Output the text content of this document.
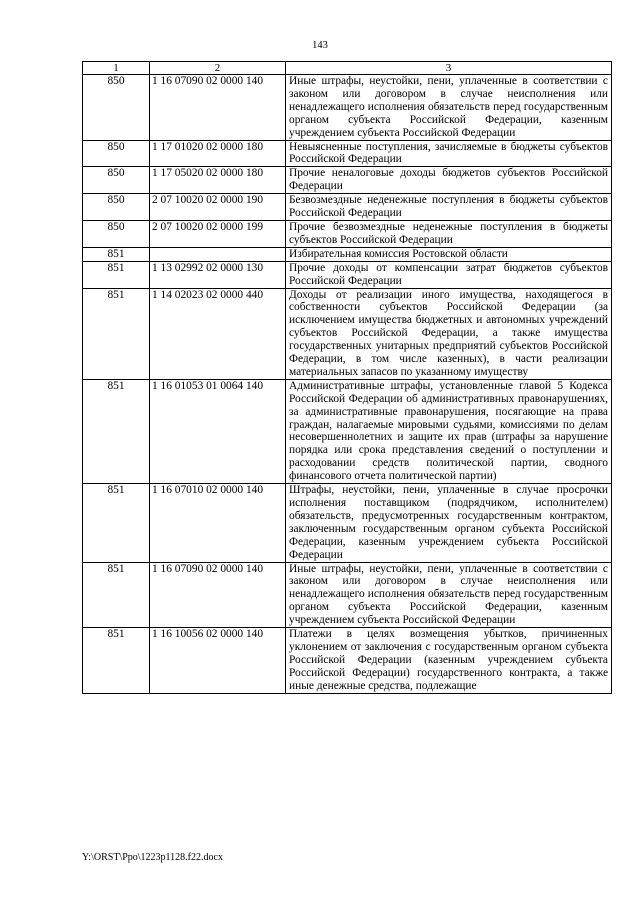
143
1	2	3
850	1 16 07090 02 0000 140	Иные штрафы, неустойки, пени, уплаченные в соответствии с законом или договором в случае неисполнения или ненадлежащего исполнения обязательств перед государственным органом субъекта Российской Федерации, казенным учреждением субъекта Российской Федерации
850	1 17 01020 02 0000 180	Невыясненные поступления, зачисляемые в бюджеты субъектов Российской Федерации
850	1 17 05020 02 0000 180	Прочие неналоговые доходы бюджетов субъектов Российской Федерации
850	2 07 10020 02 0000 190	Безвозмездные неденежные поступления в бюджеты субъектов Российской Федерации
850	2 07 10020 02 0000 199	Прочие безвозмездные неденежные поступления в бюджеты субъектов Российской Федерации
851		Избирательная комиссия Ростовской области
851	1 13 02992 02 0000 130	Прочие доходы от компенсации затрат бюджетов субъектов Российской Федерации
851	1 14 02023 02 0000 440	Доходы от реализации иного имущества, находящегося в собственности субъектов Российской Федерации (за исключением имущества бюджетных и автономных учреждений субъектов Российской Федерации, а также имущества государственных унитарных предприятий субъектов Российской Федерации, в том числе казенных), в части реализации материальных запасов по указанному имуществу
851	1 16 01053 01 0064 140	Административные штрафы, установленные главой 5 Кодекса Российской Федерации об административных правонарушениях, за административные правонарушения, посягающие на права граждан, налагаемые мировыми судьями, комиссиями по делам несовершеннолетних и защите их прав (штрафы за нарушение порядка или срока представления сведений о поступлении и расходовании средств политической партии, сводного финансового отчета политической партии)
851	1 16 07010 02 0000 140	Штрафы, неустойки, пени, уплаченные в случае просрочки исполнения поставщиком (подрядчиком, исполнителем) обязательств, предусмотренных государственным контрактом, заключенным государственным органом субъекта Российской Федерации, казенным учреждением субъекта Российской Федерации
851	1 16 07090 02 0000 140	Иные штрафы, неустойки, пени, уплаченные в соответствии с законом или договором в случае неисполнения или ненадлежащего исполнения обязательств перед государственным органом субъекта Российской Федерации, казенным учреждением субъекта Российской Федерации
851	1 16 10056 02 0000 140	Платежи в целях возмещения убытков, причиненных уклонением от заключения с государственным органом субъекта Российской Федерации (казенным учреждением субъекта Российской Федерации) государственного контракта, а также иные денежные средства, подлежащие
Y:\ORST\Ppo\1223p1128.f22.docx
